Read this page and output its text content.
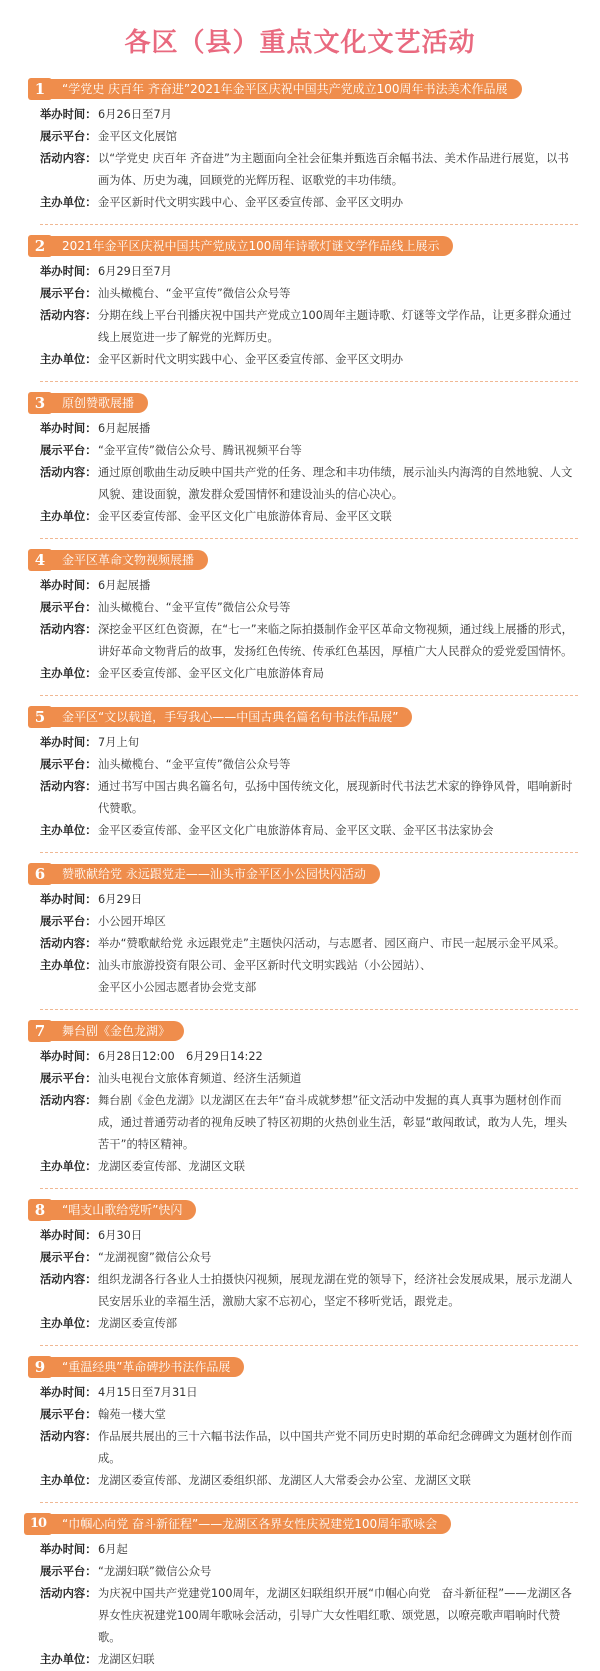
各区（县）重点文化文艺活动
1	“学党史 庆百年 齐奋进”2021年金平区庆祝中国共产党成立100周年书法美术作品展
举办时间： 6月26日至7月
展示平台： 金平区文化展馆
活动内容： 以“学党史 庆百年 齐奋进”为主题面向全社会征集并甄选百余幅书法、美术作品进行展览，以书画为体、历史为魂，回顾党的光辉历程、讴歌党的丰功伟绩。
主办单位： 金平区新时代文明实践中心、金平区委宣传部、金平区文明办
2	2021年金平区庆祝中国共产党成立100周年诗歌灯谜文学作品线上展示
举办时间： 6月29日至7月
展示平台： 汕头橄榄台、“金平宣传”微信公众号等
活动内容： 分期在线上平台刊播庆祝中国共产党成立100周年主题诗歌、灯谜等文学作品，让更多群众通过线上展览进一步了解党的光辉历史。
主办单位： 金平区新时代文明实践中心、金平区委宣传部、金平区文明办
3	原创赞歌展播
举办时间： 6月起展播
展示平台： “金平宣传”微信公众号、腾讯视频平台等
活动内容： 通过原创歌曲生动反映中国共产党的任务、理念和丰功伟绩，展示汕头内海湾的自然地貌、人文风貌、建设面貌，激发群众爱国情怀和建设汕头的信心决心。
主办单位： 金平区委宣传部、金平区文化广电旅游体育局、金平区文联
4	金平区革命文物视频展播
举办时间： 6月起展播
展示平台： 汕头橄榄台、“金平宣传”微信公众号等
活动内容： 深挖金平区红色资源，在“七一”来临之际拍摄制作金平区革命文物视频，通过线上展播的形式，讲好革命文物背后的故事，发扬红色传统、传承红色基因，厚植广大人民群众的爱党爱国情怀。
主办单位： 金平区委宣传部、金平区文化广电旅游体育局
5	金平区“文以载道，手写我心——中国古典名篇名句书法作品展”
举办时间： 7月上旬
展示平台： 汕头橄榄台、“金平宣传”微信公众号等
活动内容： 通过书写中国古典名篇名句，弘扬中国传统文化，展现新时代书法艺术家的铮铮风骨，唱响新时代赞歌。
主办单位： 金平区委宣传部、金平区文化广电旅游体育局、金平区文联、金平区书法家协会
6	赞歌献给党 永远跟党走——汕头市金平区小公园快闪活动
举办时间： 6月29日
展示平台： 小公园开埠区
活动内容： 举办“赞歌献给党 永远跟党走”主题快闪活动，与志愿者、园区商户、市民一起展示金平风采。
主办单位： 汕头市旅游投资有限公司、金平区新时代文明实践站（小公园站）、
金平区小公园志愿者协会党支部
7	舞台剧《金色龙湖》
举办时间： 6月28日12:00　6月29日14:22
展示平台： 汕头电视台文旅体育频道、经济生活频道
活动内容： 舞台剧《金色龙湖》以龙湖区在去年“奋斗成就梦想”征文活动中发掘的真人真事为题材创作而成，通过普通劳动者的视角反映了特区初期的火热创业生活，彰显“敢闯敢试，敢为人先，埋头苦干”的特区精神。
主办单位： 龙湖区委宣传部、龙湖区文联
8	“唱支山歌给党听”快闪
举办时间： 6月30日
展示平台： “龙湖视窗”微信公众号
活动内容： 组织龙湖各行各业人士拍摄快闪视频，展现龙湖在党的领导下，经济社会发展成果，展示龙湖人民安居乐业的幸福生活，激励大家不忘初心，坚定不移听党话，跟党走。
主办单位： 龙湖区委宣传部
9	“重温经典”革命碑抄书法作品展
举办时间： 4月15日至7月31日
展示平台： 翰苑一楼大堂
活动内容： 作品展共展出的三十六幅书法作品，以中国共产党不同历史时期的革命纪念碑碑文为题材创作而成。
主办单位： 龙湖区委宣传部、龙湖区委组织部、龙湖区人大常委会办公室、龙湖区文联
10	“巾帼心向党 奋斗新征程”——龙湖区各界女性庆祝建党100周年歌咏会
举办时间： 6月起
展示平台： “龙湖妇联”微信公众号
活动内容： 为庆祝中国共产党建党100周年，龙湖区妇联组织开展“巾帼心向党　奋斗新征程”——龙湖区各界女性庆祝建党100周年歌咏会活动，引导广大女性唱红歌、颂党恩，以嘹亮歌声唱响时代赞歌。
主办单位： 龙湖区妇联
